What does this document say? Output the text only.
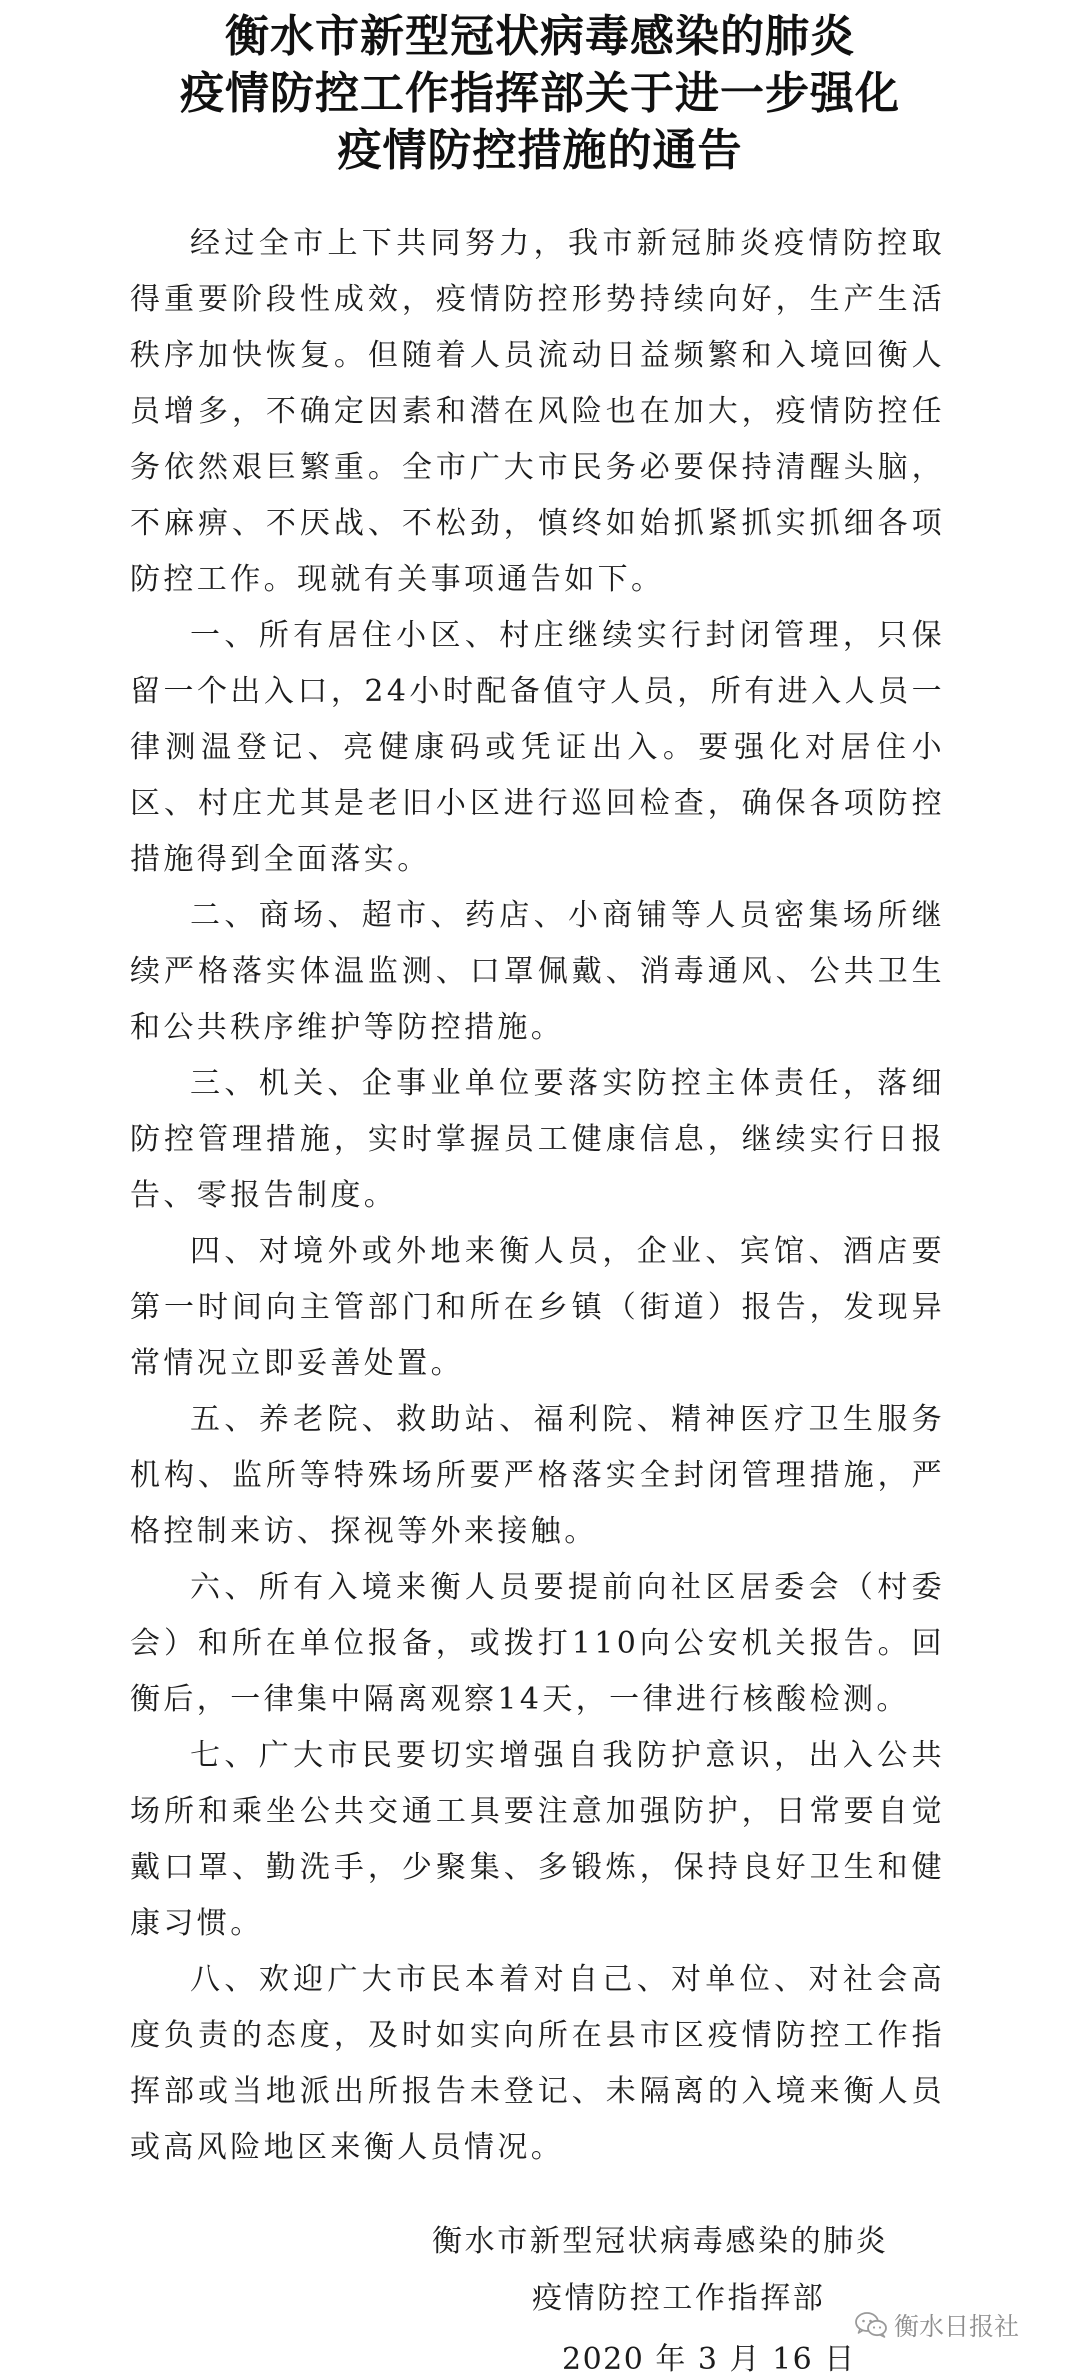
衡水市新型冠状病毒感染的肺炎
疫情防控工作指挥部关于进一步强化
疫情防控措施的通告

经过全市上下共同努力，我市新冠肺炎疫情防控取得重要阶段性成效，疫情防控形势持续向好，生产生活秩序加快恢复。但随着人员流动日益频繁和入境回衡人员增多，不确定因素和潜在风险也在加大，疫情防控任务依然艰巨繁重。全市广大市民务必要保持清醒头脑，不麻痹、不厌战、不松劲，慎终如始抓紧抓实抓细各项防控工作。现就有关事项通告如下。

一、所有居住小区、村庄继续实行封闭管理，只保留一个出入口，24小时配备值守人员，所有进入人员一律测温登记、亮健康码或凭证出入。要强化对居住小区、村庄尤其是老旧小区进行巡回检查，确保各项防控措施得到全面落实。

二、商场、超市、药店、小商铺等人员密集场所继续严格落实体温监测、口罩佩戴、消毒通风、公共卫生和公共秩序维护等防控措施。

三、机关、企事业单位要落实防控主体责任，落细防控管理措施，实时掌握员工健康信息，继续实行日报告、零报告制度。

四、对境外或外地来衡人员，企业、宾馆、酒店要第一时间向主管部门和所在乡镇（街道）报告，发现异常情况立即妥善处置。

五、养老院、救助站、福利院、精神医疗卫生服务机构、监所等特殊场所要严格落实全封闭管理措施，严格控制来访、探视等外来接触。

六、所有入境来衡人员要提前向社区居委会（村委会）和所在单位报备，或拨打110向公安机关报告。回衡后，一律集中隔离观察14天，一律进行核酸检测。

七、广大市民要切实增强自我防护意识，出入公共场所和乘坐公共交通工具要注意加强防护，日常要自觉戴口罩、勤洗手，少聚集、多锻炼，保持良好卫生和健康习惯。

八、欢迎广大市民本着对自己、对单位、对社会高度负责的态度，及时如实向所在县市区疫情防控工作指挥部或当地派出所报告未登记、未隔离的入境来衡人员或高风险地区来衡人员情况。

衡水市新型冠状病毒感染的肺炎
疫情防控工作指挥部
2020 年 3 月 16 日
衡水日报社
